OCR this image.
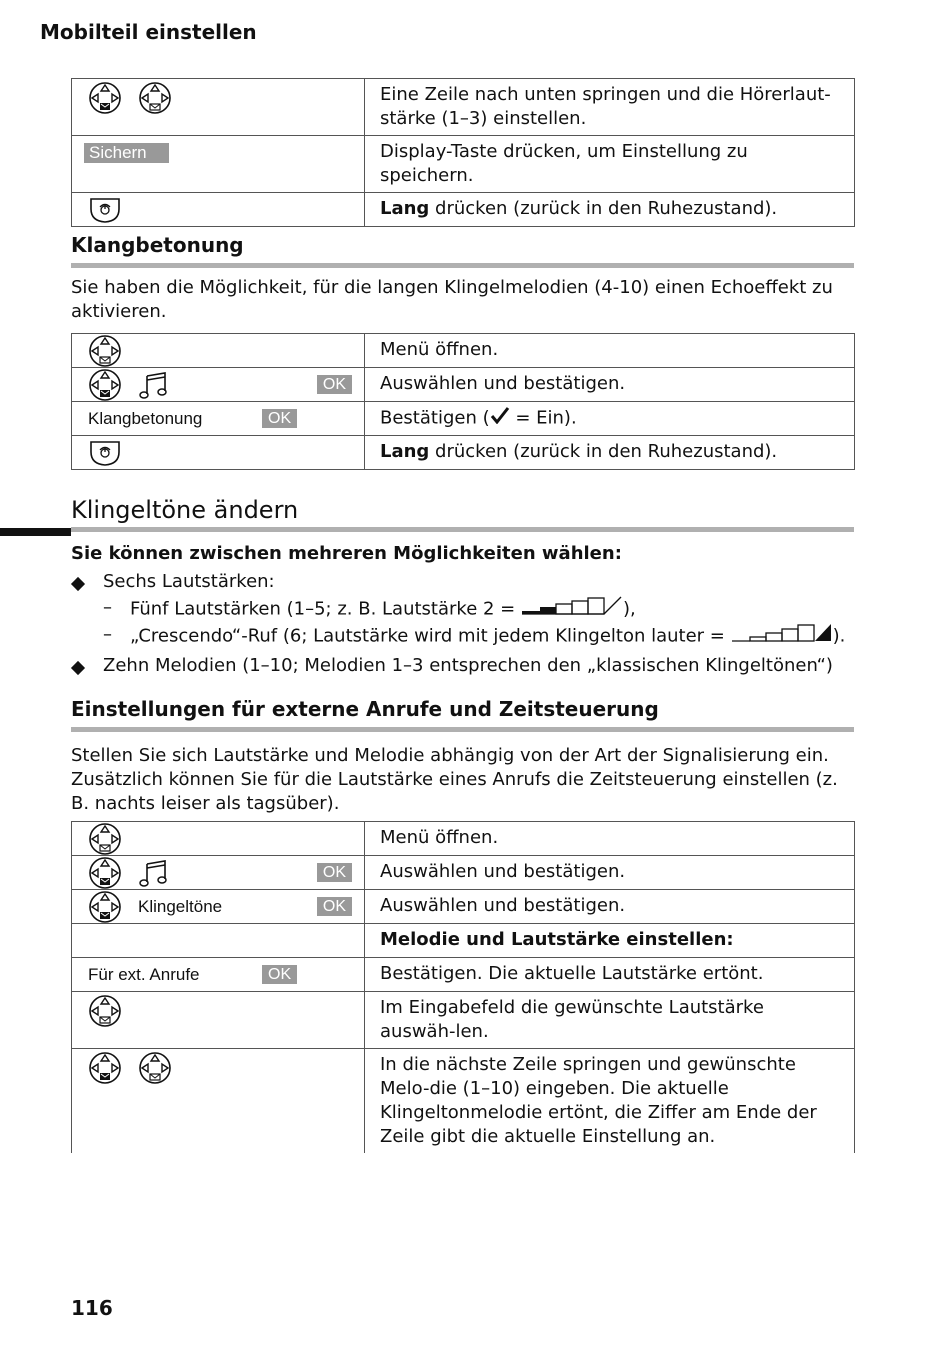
Mobilteil einstellen
	Eine Zeile nach unten springen und die Hörerlaut-stärke (1–3) einstellen.

Sichern	Display-Taste drücken, um Einstellung zu speichern.

	Lang drücken (zurück in den Ruhezustand).
Klangbetonung
Sie haben die Möglichkeit, für die langen Klingelmelodien (4-10) einen Echoeffekt zu aktivieren.
	Menü öffnen.

OK	Auswählen und bestätigen.

Klangbetonung OK	Bestätigen ( = Ein).

	Lang drücken (zurück in den Ruhezustand).
Klingeltöne ändern
Sie können zwischen mehreren Möglichkeiten wählen:
Sechs Lautstärken:
– Fünf Lautstärken (1–5; z. B. Lautstärke 2 =	),
– „Crescendo“-Ruf (6; Lautstärke wird mit jedem Klingelton lauter =	).
Zehn Melodien (1–10; Melodien 1–3 entsprechen den „klassischen Klingeltönen“)
Einstellungen für externe Anrufe und Zeitsteuerung
Stellen Sie sich Lautstärke und Melodie abhängig von der Art der Signalisierung ein. Zusätzlich können Sie für die Lautstärke eines Anrufs die Zeitsteuerung einstellen (z. B. nachts leiser als tagsüber).
	Menü öffnen.

OK	Auswählen und bestätigen.

Klingeltöne OK	Auswählen und bestätigen.

	Melodie und Lautstärke einstellen:

Für ext. Anrufe OK	Bestätigen. Die aktuelle Lautstärke ertönt.

	Im Eingabefeld die gewünschte Lautstärke auswäh-len.

	In die nächste Zeile springen und gewünschte Melo-die (1–10) eingeben. Die aktuelle Klingeltonmelodie ertönt, die Ziffer am Ende der Zeile gibt die aktuelle Einstellung an.
116
